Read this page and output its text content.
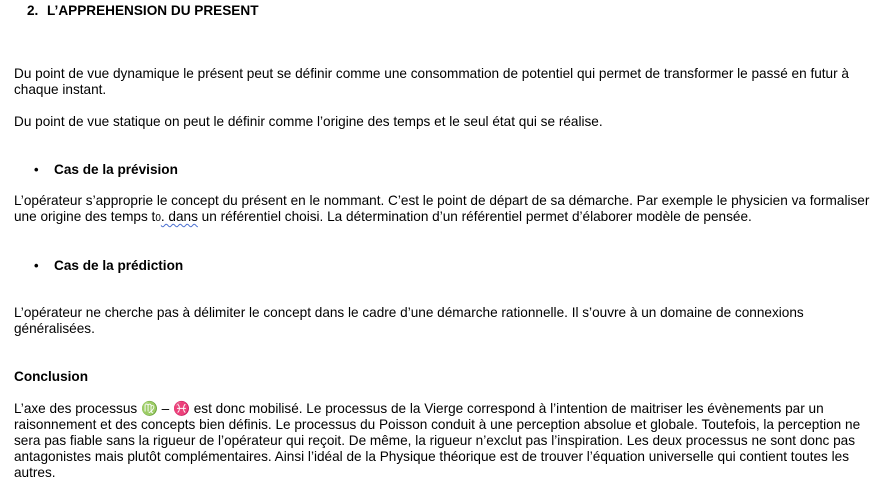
2. L’APPREHENSION DU PRESENT

Du point de vue dynamique le présent peut se définir comme une consommation de potentiel qui permet de transformer le passé en futur à chaque instant.

Du point de vue statique on peut le définir comme l’origine des temps et le seul état qui se réalise.

• Cas de la prévision

L’opérateur s’approprie le concept du présent en le nommant. C’est le point de départ de sa démarche. Par exemple le physicien va formaliser une origine des temps t0. dans un référentiel choisi. La détermination d’un référentiel permet d’élaborer modèle de pensée.

• Cas de la prédiction

L’opérateur ne cherche pas à délimiter le concept dans le cadre d’une démarche rationnelle. Il s’ouvre à un domaine de connexions généralisées.

Conclusion

L’axe des processus ♍ – ♓ est donc mobilisé. Le processus de la Vierge correspond à l’intention de maitriser les évènements par un raisonnement et des concepts bien définis. Le processus du Poisson conduit à une perception absolue et globale. Toutefois, la perception ne sera pas fiable sans la rigueur de l’opérateur qui reçoit. De même, la rigueur n’exclut pas l’inspiration. Les deux processus ne sont donc pas antagonistes mais plutôt complémentaires. Ainsi l’idéal de la Physique théorique est de trouver l’équation universelle qui contient toutes les autres.
